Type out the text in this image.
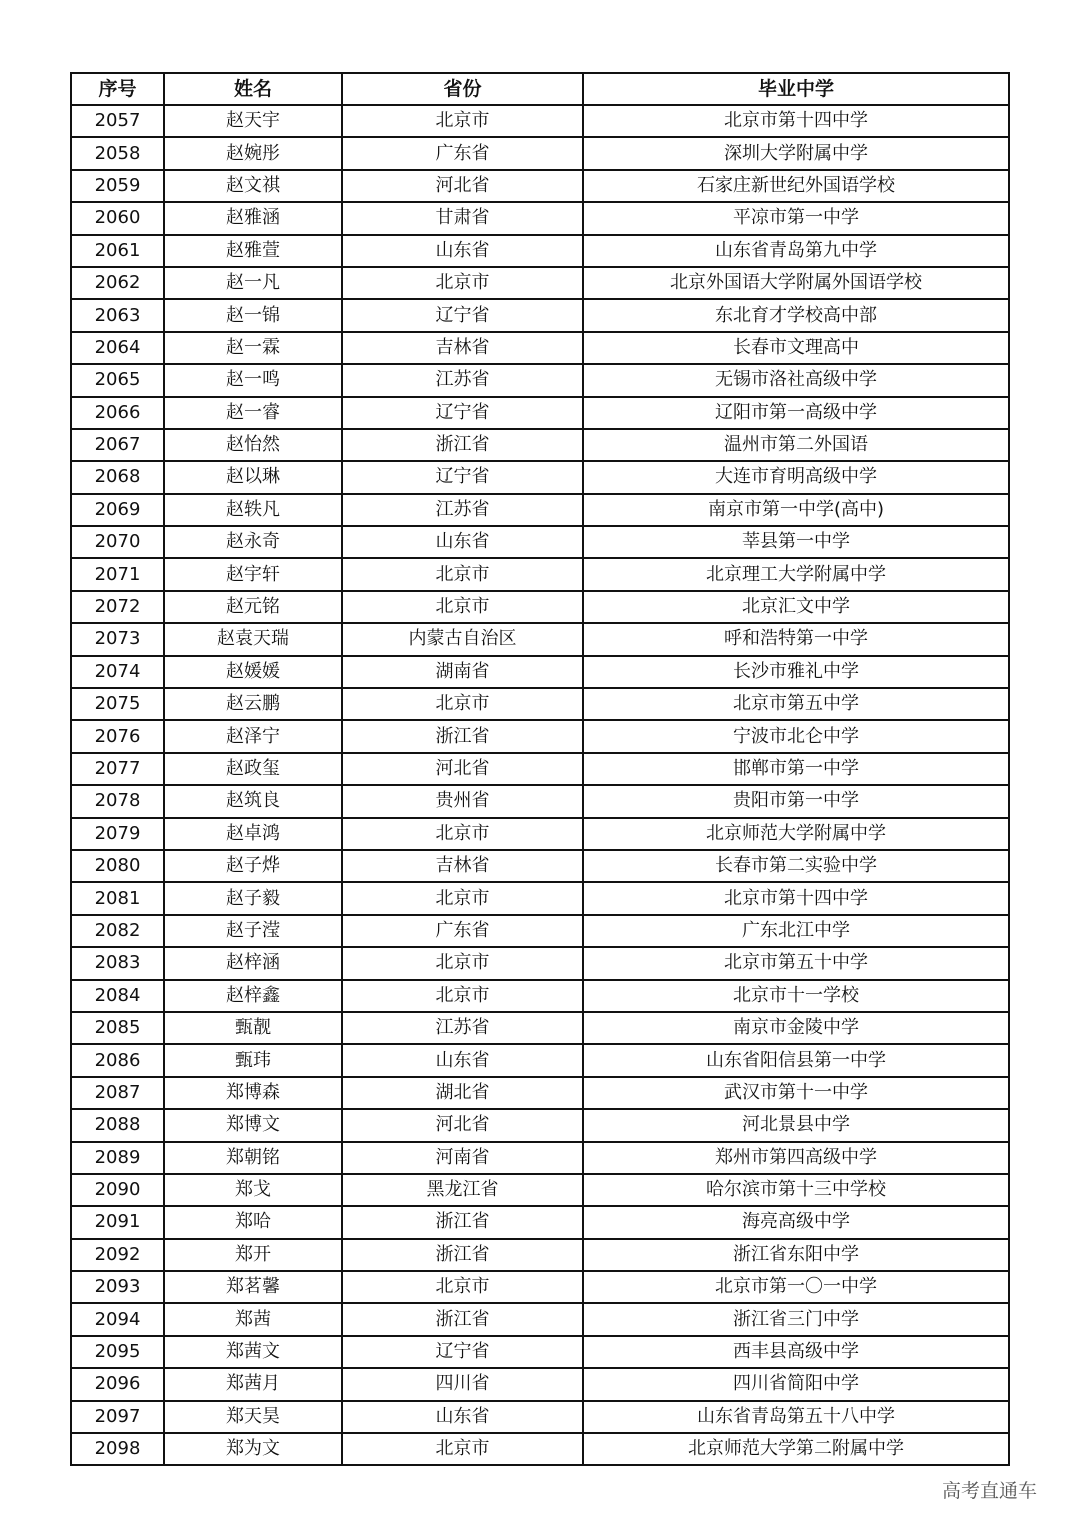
序号	姓名	省份	毕业中学
2057	赵天宇	北京市	北京市第十四中学
2058	赵婉彤	广东省	深圳大学附属中学
2059	赵文祺	河北省	石家庄新世纪外国语学校
2060	赵雅涵	甘肃省	平凉市第一中学
2061	赵雅萱	山东省	山东省青岛第九中学
2062	赵一凡	北京市	北京外国语大学附属外国语学校
2063	赵一锦	辽宁省	东北育才学校高中部
2064	赵一霖	吉林省	长春市文理高中
2065	赵一鸣	江苏省	无锡市洛社高级中学
2066	赵一睿	辽宁省	辽阳市第一高级中学
2067	赵怡然	浙江省	温州市第二外国语
2068	赵以琳	辽宁省	大连市育明高级中学
2069	赵轶凡	江苏省	南京市第一中学(高中)
2070	赵永奇	山东省	莘县第一中学
2071	赵宇轩	北京市	北京理工大学附属中学
2072	赵元铭	北京市	北京汇文中学
2073	赵袁天瑞	内蒙古自治区	呼和浩特第一中学
2074	赵媛媛	湖南省	长沙市雅礼中学
2075	赵云鹏	北京市	北京市第五中学
2076	赵泽宁	浙江省	宁波市北仑中学
2077	赵政玺	河北省	邯郸市第一中学
2078	赵筑良	贵州省	贵阳市第一中学
2079	赵卓鸿	北京市	北京师范大学附属中学
2080	赵子烨	吉林省	长春市第二实验中学
2081	赵子毅	北京市	北京市第十四中学
2082	赵子滢	广东省	广东北江中学
2083	赵梓涵	北京市	北京市第五十中学
2084	赵梓鑫	北京市	北京市十一学校
2085	甄靓	江苏省	南京市金陵中学
2086	甄玮	山东省	山东省阳信县第一中学
2087	郑博森	湖北省	武汉市第十一中学
2088	郑博文	河北省	河北景县中学
2089	郑朝铭	河南省	郑州市第四高级中学
2090	郑戈	黑龙江省	哈尔滨市第十三中学校
2091	郑哈	浙江省	海亮高级中学
2092	郑开	浙江省	浙江省东阳中学
2093	郑茗馨	北京市	北京市第一〇一中学
2094	郑茜	浙江省	浙江省三门中学
2095	郑茜文	辽宁省	西丰县高级中学
2096	郑茜月	四川省	四川省简阳中学
2097	郑天昊	山东省	山东省青岛第五十八中学
2098	郑为文	北京市	北京师范大学第二附属中学
高考直通车
